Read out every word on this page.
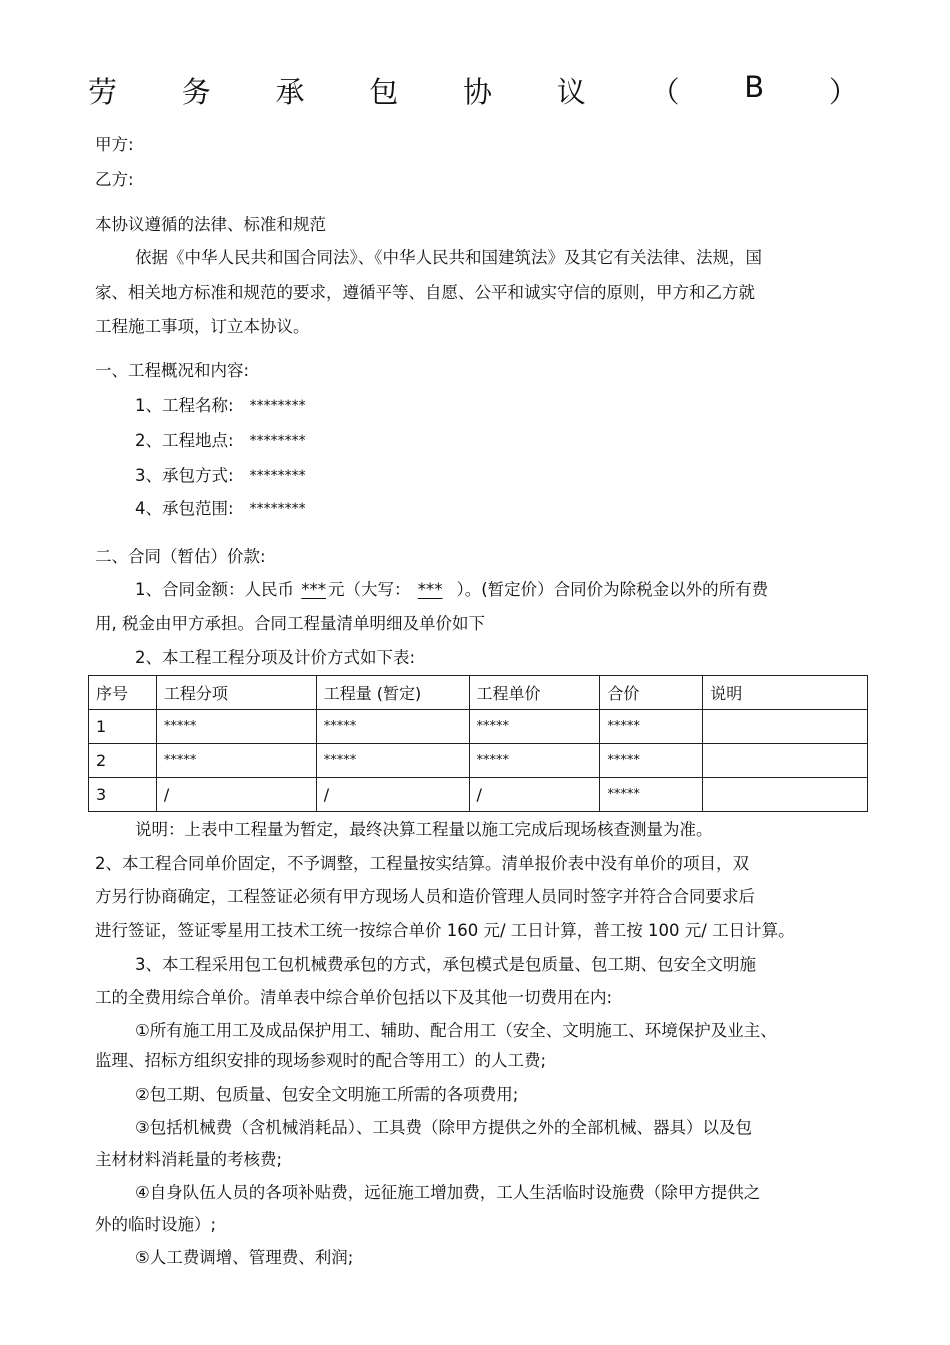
劳 务 承 包 协 议 （ B ）
甲方:
乙方:
本协议遵循的法律、标准和规范
依据《中华人民共和国合同法》、《中华人民共和国建筑法》及其它有关法律、法规，国
家、相关地方标准和规范的要求，遵循平等、自愿、公平和诚实守信的原则，甲方和乙方就
工程施工事项，订立本协议。
一、工程概况和内容:
1、工程名称: ********
2、工程地点: ********
3、承包方式: ********
4、承包范围: ********
二、合同（暂估）价款:
1、合同金额：人民币 *** 元（大写： *** ）。(暂定价）合同价为除税金以外的所有费
用, 税金由甲方承担。合同工程量清单明细及单价如下
2、本工程工程分项及计价方式如下表:
序号	工程分项	工程量 (暂定)	工程单价	合价	说明
1	*****	*****	*****	*****	
2	*****	*****	*****	*****	
3	/	/	/	*****	
说明：上表中工程量为暂定，最终决算工程量以施工完成后现场核查测量为准。
2、本工程合同单价固定，不予调整，工程量按实结算。清单报价表中没有单价的项目，双
方另行协商确定，工程签证必须有甲方现场人员和造价管理人员同时签字并符合合同要求后
进行签证，签证零星用工技术工统一按综合单价 160 元/ 工日计算，普工按 100 元/ 工日计算。
3、本工程采用包工包机械费承包的方式，承包模式是包质量、包工期、包安全文明施
工的全费用综合单价。清单表中综合单价包括以下及其他一切费用在内:
①所有施工用工及成品保护用工、辅助、配合用工（安全、文明施工、环境保护及业主、
监理、招标方组织安排的现场参观时的配合等用工）的人工费;
②包工期、包质量、包安全文明施工所需的各项费用;
③包括机械费（含机械消耗品）、工具费（除甲方提供之外的全部机械、器具）以及包
主材材料消耗量的考核费;
④自身队伍人员的各项补贴费，远征施工增加费，工人生活临时设施费（除甲方提供之
外的临时设施）;
⑤人工费调增、管理费、利润;
